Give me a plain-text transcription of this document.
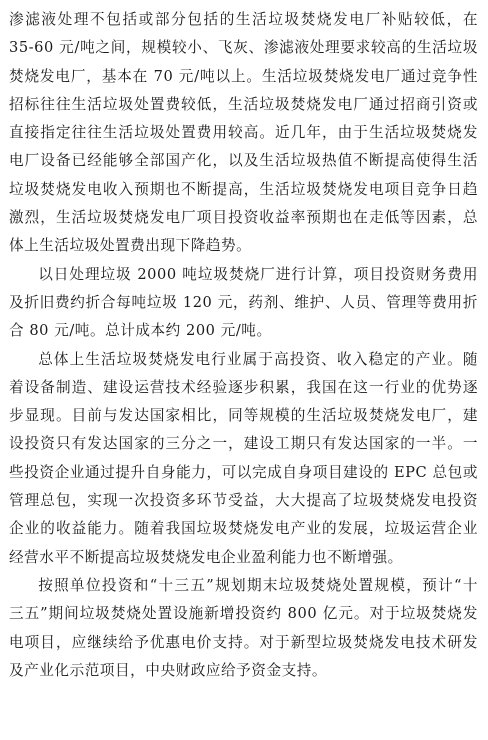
渗滤液处理不包括或部分包括的生活垃圾焚烧发电厂补贴较低，在
35-60 元/吨之间，规模较小、飞灰、渗滤液处理要求较高的生活垃圾
焚烧发电厂，基本在 70 元/吨以上。生活垃圾焚烧发电厂通过竞争性
招标往往生活垃圾处置费较低，生活垃圾焚烧发电厂通过招商引资或
直接指定往往生活垃圾处置费用较高。近几年，由于生活垃圾焚烧发
电厂设备已经能够全部国产化，以及生活垃圾热值不断提高使得生活
垃圾焚烧发电收入预期也不断提高，生活垃圾焚烧发电项目竞争日趋
激烈，生活垃圾焚烧发电厂项目投资收益率预期也在走低等因素，总
体上生活垃圾处置费出现下降趋势。
以日处理垃圾 2000 吨垃圾焚烧厂进行计算，项目投资财务费用
及折旧费约折合每吨垃圾 120 元，药剂、维护、人员、管理等费用折
合 80 元/吨。总计成本约 200 元/吨。
总体上生活垃圾焚烧发电行业属于高投资、收入稳定的产业。随
着设备制造、建设运营技术经验逐步积累，我国在这一行业的优势逐
步显现。目前与发达国家相比，同等规模的生活垃圾焚烧发电厂，建
设投资只有发达国家的三分之一，建设工期只有发达国家的一半。一
些投资企业通过提升自身能力，可以完成自身项目建设的 EPC 总包或
管理总包，实现一次投资多环节受益，大大提高了垃圾焚烧发电投资
企业的收益能力。随着我国垃圾焚烧发电产业的发展，垃圾运营企业
经营水平不断提高垃圾焚烧发电企业盈利能力也不断增强。
按照单位投资和“十三五”规划期末垃圾焚烧处置规模，预计“十
三五”期间垃圾焚烧处置设施新增投资约 800 亿元。对于垃圾焚烧发
电项目，应继续给予优惠电价支持。对于新型垃圾焚烧发电技术研发
及产业化示范项目，中央财政应给予资金支持。
